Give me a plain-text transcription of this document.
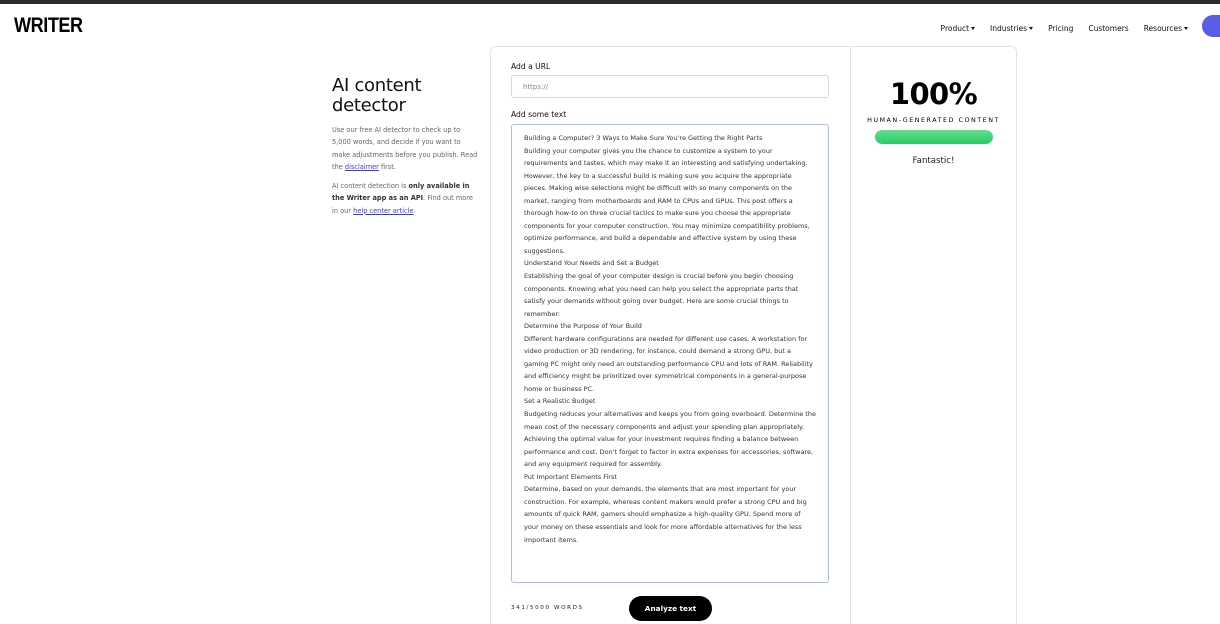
WRITER	Product	Industries	Pricing Customers Resources
AI content detector

Use our free AI detector to check up to 5,000 words, and decide if you want to make adjustments before you publish. Read the disclaimer first.

AI content detection is only available in the Writer app as an API. Find out more in our help center article.

Add a URL
https://
Add some text
Building a Computer? 3 Ways to Make Sure You're Getting the Right Parts Building your computer gives you the chance to customize a system to your requirements and tastes, which may make it an interesting and satisfying undertaking. However, the key to a successful build is making sure you acquire the appropriate pieces. Making wise selections might be difficult with so many components on the market, ranging from motherboards and RAM to CPUs and GPUs. This post offers a thorough how-to on three crucial tactics to make sure you choose the appropriate components for your computer construction. You may minimize compatibility problems, optimize performance, and build a dependable and effective system by using these suggestions. Understand Your Needs and Set a Budget Establishing the goal of your computer design is crucial before you begin choosing components. Knowing what you need can help you select the appropriate parts that satisfy your demands without going over budget. Here are some crucial things to remember: Determine the Purpose of Your Build Different hardware configurations are needed for different use cases. A workstation for video production or 3D rendering, for instance, could demand a strong GPU, but a gaming PC might only need an outstanding performance CPU and lots of RAM. Reliability and efficiency might be prioritized over symmetrical components in a general-purpose home or business PC. Set a Realistic Budget Budgeting reduces your alternatives and keeps you from going overboard. Determine the mean cost of the necessary components and adjust your spending plan appropriately. Achieving the optimal value for your investment requires finding a balance between performance and cost. Don't forget to factor in extra expenses for accessories, software, and any equipment required for assembly. Put Important Elements First Determine, based on your demands, the elements that are most important for your construction. For example, whereas content makers would prefer a strong CPU and big amounts of quick RAM, gamers should emphasize a high-quality GPU. Spend more of your money on these essentials and look for more affordable alternatives for the less important items.
341/5000 WORDS	Analyze text
100%
HUMAN-GENERATED CONTENT
Fantastic!
